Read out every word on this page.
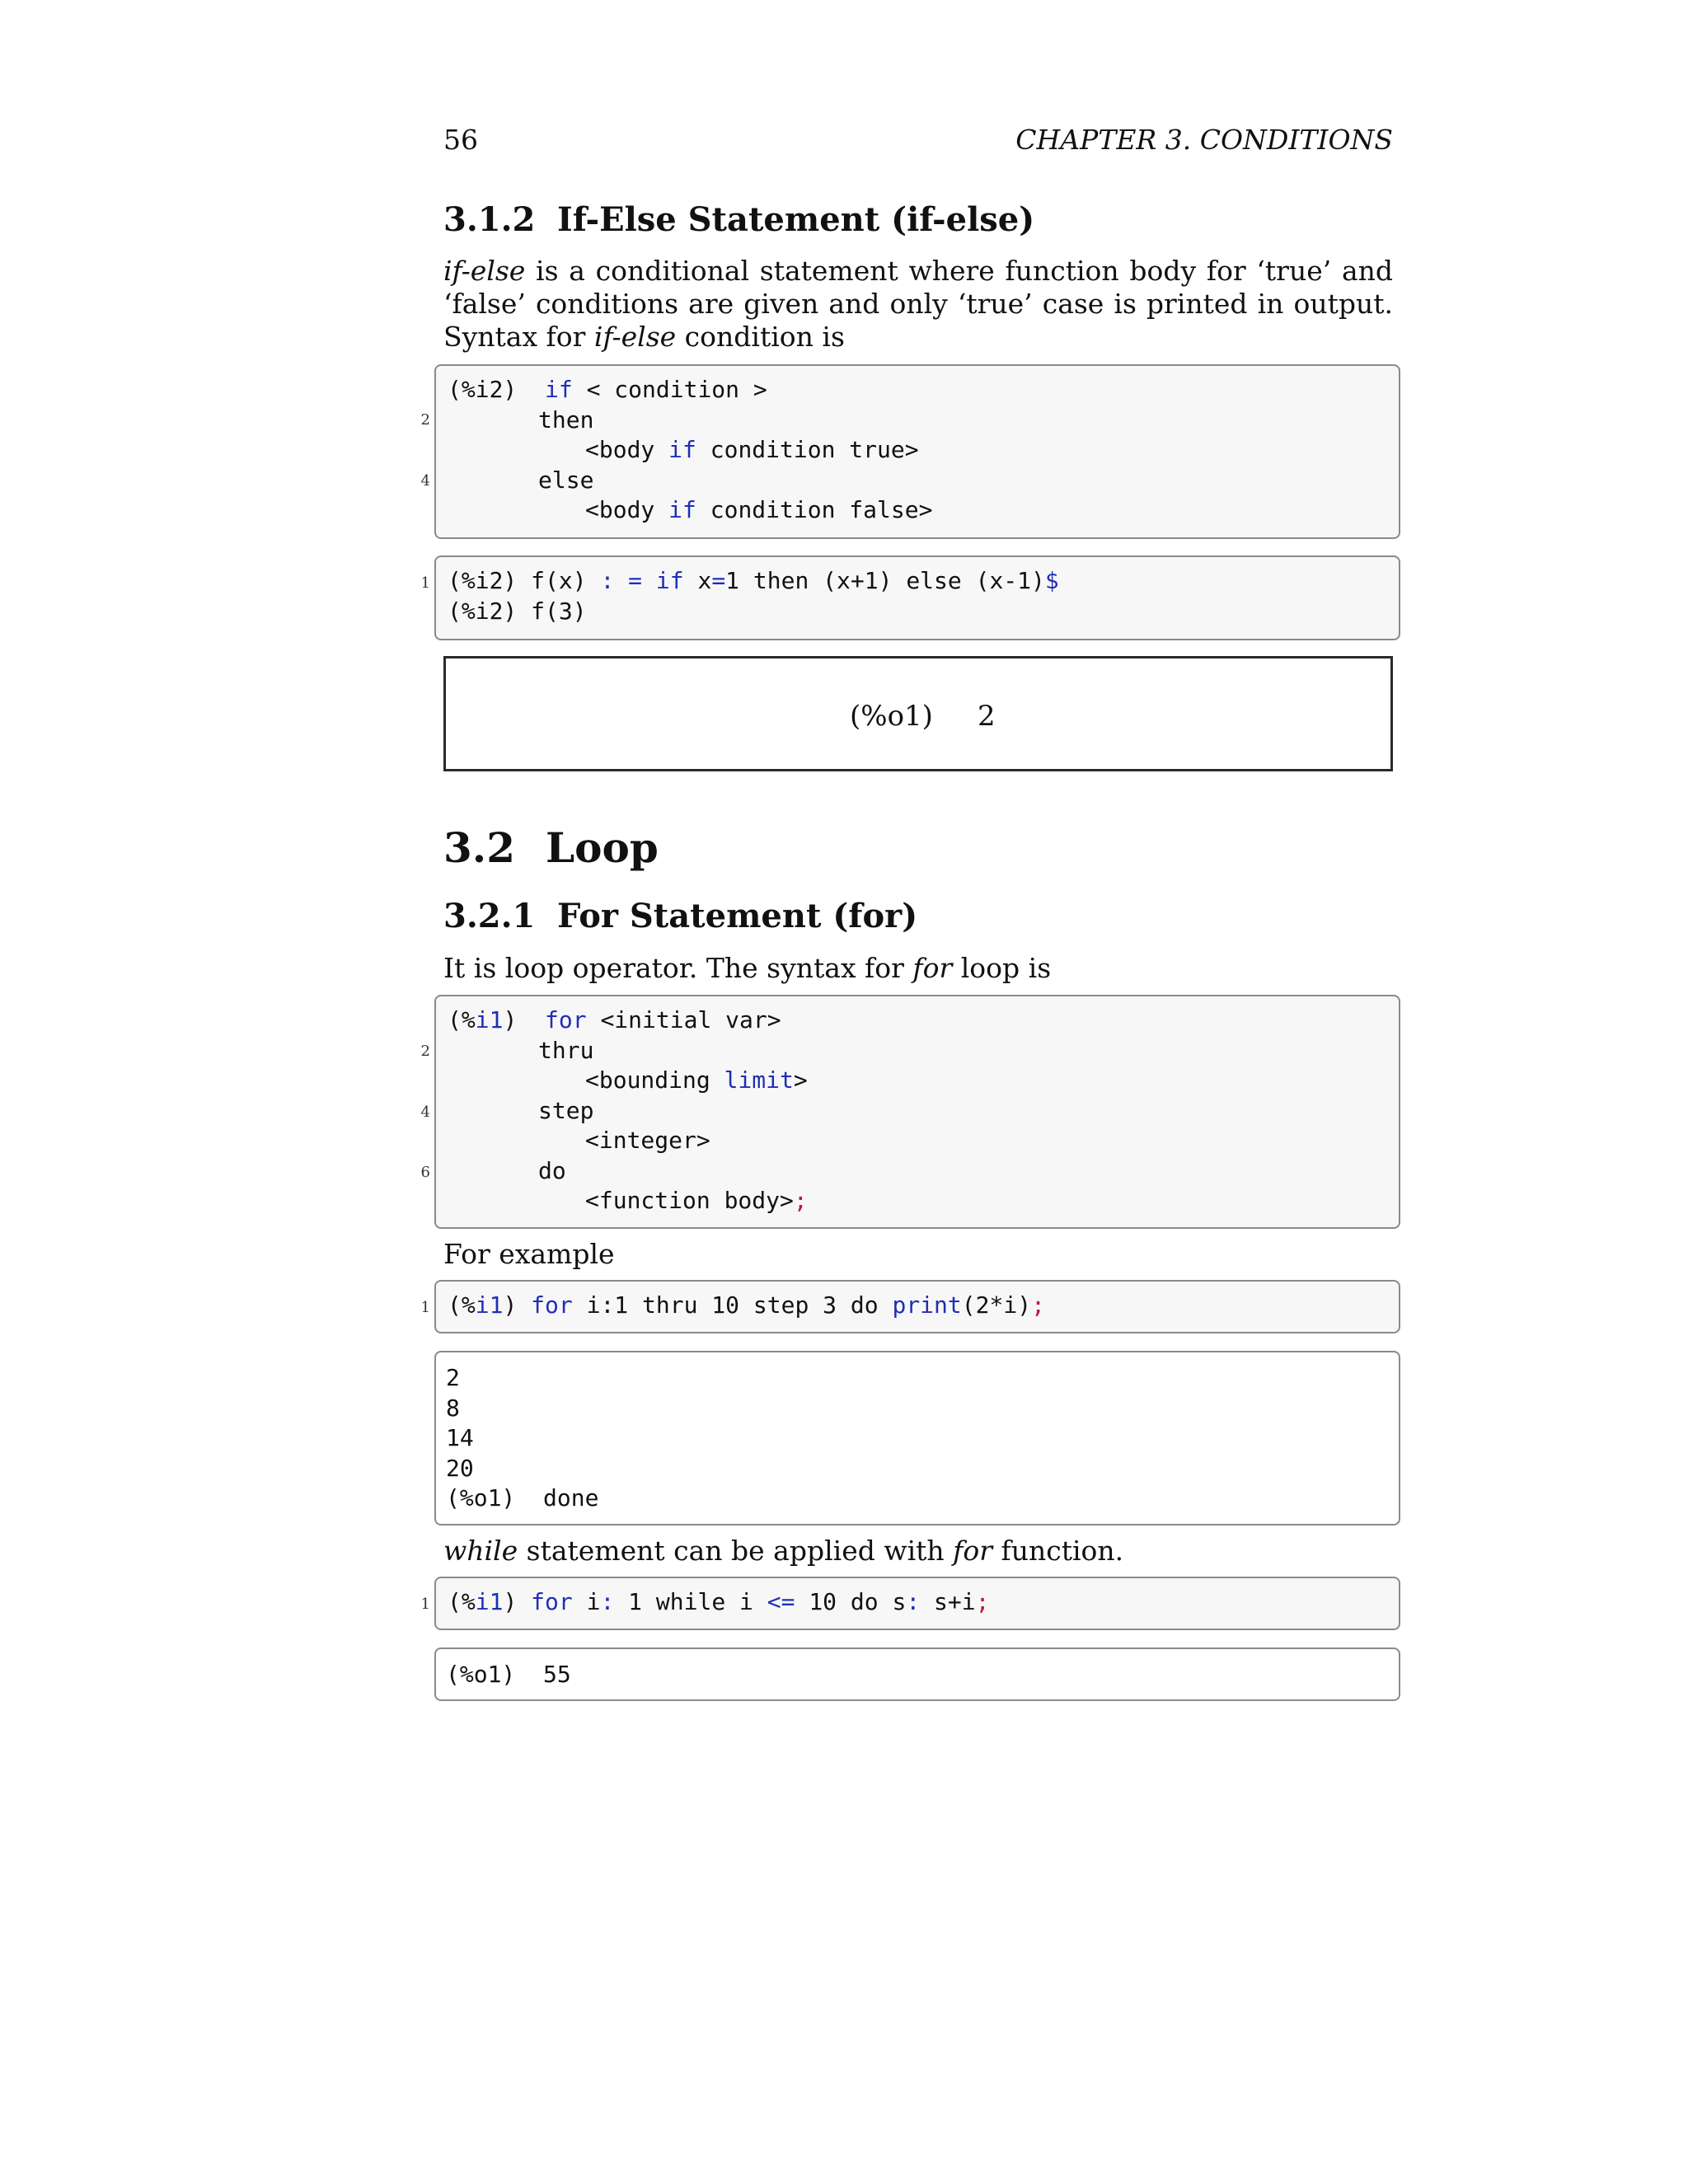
56	CHAPTER 3. CONDITIONS
3.1.2 If-Else Statement (if-else)
if-else is a conditional statement where function body for ‘true’ and ‘false’ conditions are given and only ‘true’ case is printed in output. Syntax for if-else condition is
2
4
(%i2) if < condition >
then
<body if condition true>
else
<body if condition false>
1 (%i2) f(x) : = if x=1 then (x+1) else (x-1)$
(%i2) f(3)
(%o1) 2
3.2 Loop
3.2.1 For Statement (for)
It is loop operator. The syntax for for loop is
2
4
6
(%i1) for <initial var>
thru
<bounding limit>
step
<integer>
do
<function body>;
For example
1 (%i1) for i:1 thru 10 step 3 do print(2*i);
2
8
14
20
(%o1)  done
while statement can be applied with for function.
1 (%i1) for i: 1 while i <= 10 do s: s+i;
(%o1)  55
